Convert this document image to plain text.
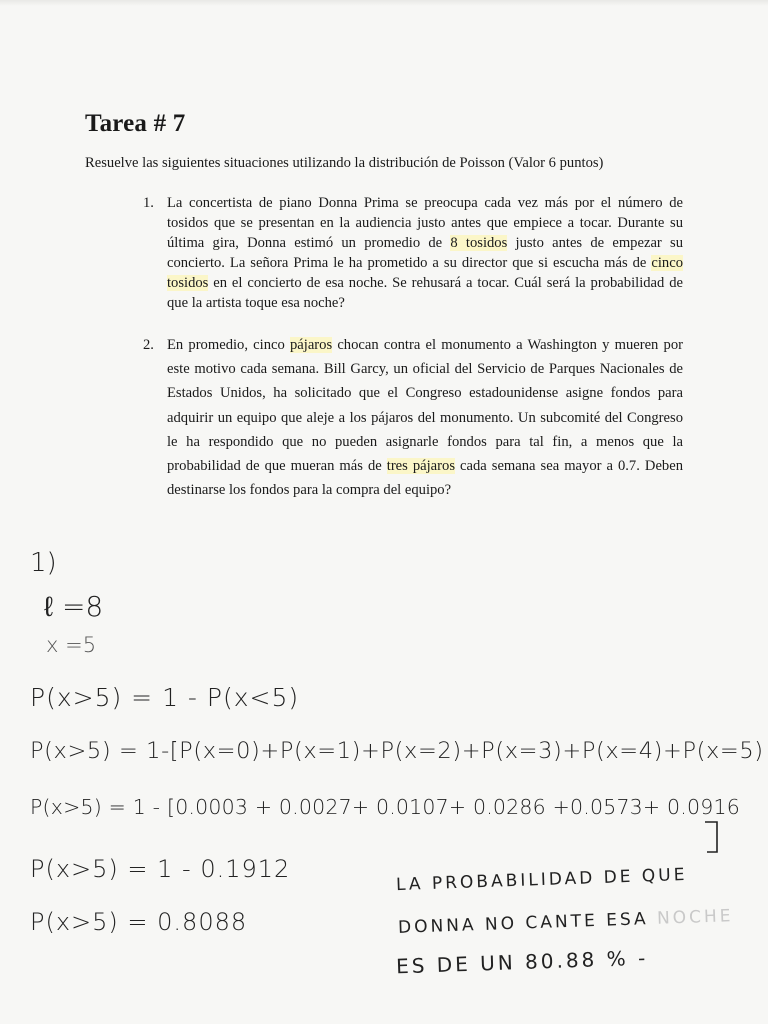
Tarea # 7
Resuelve las siguientes situaciones utilizando la distribución de Poisson (Valor 6 puntos)
1. La concertista de piano Donna Prima se preocupa cada vez más por el número de tosidos que se presentan en la audiencia justo antes que empiece a tocar. Durante su última gira, Donna estimó un promedio de 8 tosidos justo antes de empezar su concierto. La señora Prima le ha prometido a su director que si escucha más de cinco tosidos en el concierto de esa noche. Se rehusará a tocar. Cuál será la probabilidad de que la artista toque esa noche?
2. En promedio, cinco pájaros chocan contra el monumento a Washington y mueren por este motivo cada semana. Bill Garcy, un oficial del Servicio de Parques Nacionales de Estados Unidos, ha solicitado que el Congreso estadounidense asigne fondos para adquirir un equipo que aleje a los pájaros del monumento. Un subcomité del Congreso le ha respondido que no pueden asignarle fondos para tal fin, a menos que la probabilidad de que mueran más de tres pájaros cada semana sea mayor a 0.7. Deben destinarse los fondos para la compra del equipo?
1)
ℓ =8
x =5
P(x>5) = 1 - P(x<5)
P(x>5) = 1-[P(x=0)+P(x=1)+P(x=2)+P(x=3)+P(x=4)+P(x=5)
P(x>5) = 1 - [0.0003 + 0.0027+ 0.0107+ 0.0286 +0.0573+ 0.0916
P(x>5) = 1 - 0.1912
P(x>5) = 0.8088
LA PROBABILIDAD DE QUE
DONNA NO CANTE ESA NOCHE
ES DE UN 80.88 % -
